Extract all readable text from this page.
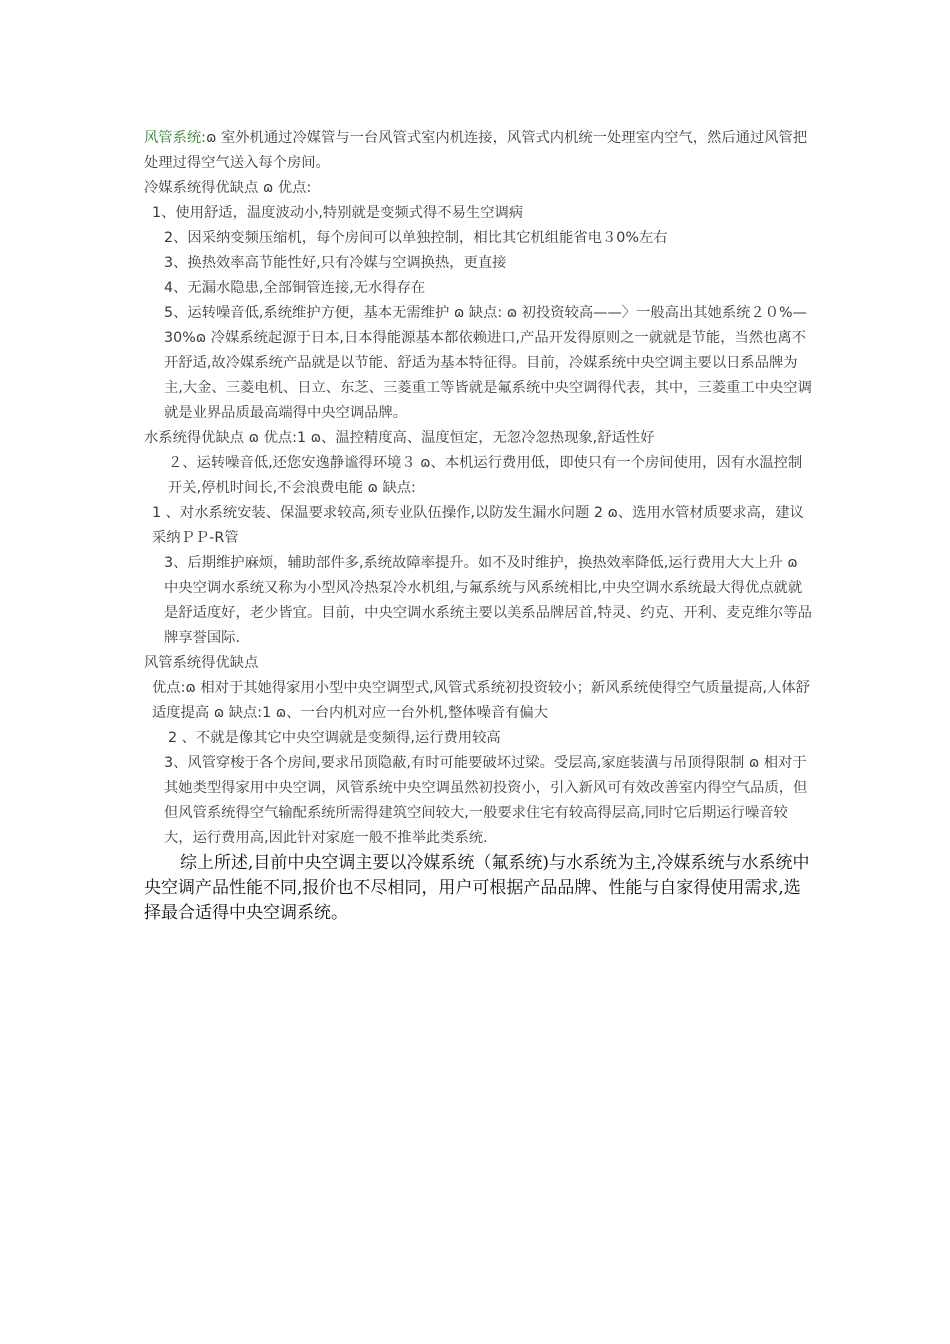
风管系统:ɷ 室外机通过冷媒管与一台风管式室内机连接，风管式内机统一处理室内空气，然后通过风管把处理过得空气送入每个房间。

冷媒系统得优缺点 ɷ 优点:

1、使用舒适，温度波动小,特别就是变频式得不易生空调病

2、因采纳变频压缩机，每个房间可以单独控制，相比其它机组能省电３0%左右

3、换热效率高节能性好,只有冷媒与空调换热，更直接

4、无漏水隐患,全部铜管连接,无水得存在

5、运转噪音低,系统维护方便，基本无需维护 ɷ 缺点: ɷ 初投资较高——〉一般高出其她系统２０%—30%ɷ 冷媒系统起源于日本,日本得能源基本都依赖进口,产品开发得原则之一就就是节能，当然也离不开舒适,故冷媒系统产品就是以节能、舒适为基本特征得。目前，冷媒系统中央空调主要以日系品牌为主,大金、三菱电机、日立、东芝、三菱重工等皆就是氟系统中央空调得代表，其中，三菱重工中央空调就是业界品质最高端得中央空调品牌。

水系统得优缺点 ɷ 优点:1 ɷ、温控精度高、温度恒定，无忽冷忽热现象,舒适性好

２、运转噪音低,还您安逸静谧得环境３ ɷ、本机运行费用低，即使只有一个房间使用，因有水温控制开关,停机时间长,不会浪费电能 ɷ 缺点:

1 、对水系统安装、保温要求较高,须专业队伍操作,以防发生漏水问题 2 ɷ、选用水管材质要求高，建议采纳ＰＰ-R管

3、后期维护麻烦，辅助部件多,系统故障率提升。如不及时维护，换热效率降低,运行费用大大上升 ɷ 中央空调水系统又称为小型风冷热泵冷水机组,与氟系统与风系统相比,中央空调水系统最大得优点就就是舒适度好，老少皆宜。目前，中央空调水系统主要以美系品牌居首,特灵、约克、开利、麦克维尔等品牌享誉国际.

风管系统得优缺点

优点:ɷ 相对于其她得家用小型中央空调型式,风管式系统初投资较小；新风系统使得空气质量提高,人体舒适度提高 ɷ 缺点:1 ɷ、一台内机对应一台外机,整体噪音有偏大

2 、不就是像其它中央空调就是变频得,运行费用较高

3、风管穿梭于各个房间,要求吊顶隐蔽,有时可能要破坏过梁。受层高,家庭装潢与吊顶得限制 ɷ 相对于其她类型得家用中央空调，风管系统中央空调虽然初投资小，引入新风可有效改善室内得空气品质，但但风管系统得空气输配系统所需得建筑空间较大,一般要求住宅有较高得层高,同时它后期运行噪音较大，运行费用高,因此针对家庭一般不推举此类系统.

综上所述,目前中央空调主要以冷媒系统（氟系统)与水系统为主,冷媒系统与水系统中央空调产品性能不同,报价也不尽相同，用户可根据产品品牌、性能与自家得使用需求,选择最合适得中央空调系统。
